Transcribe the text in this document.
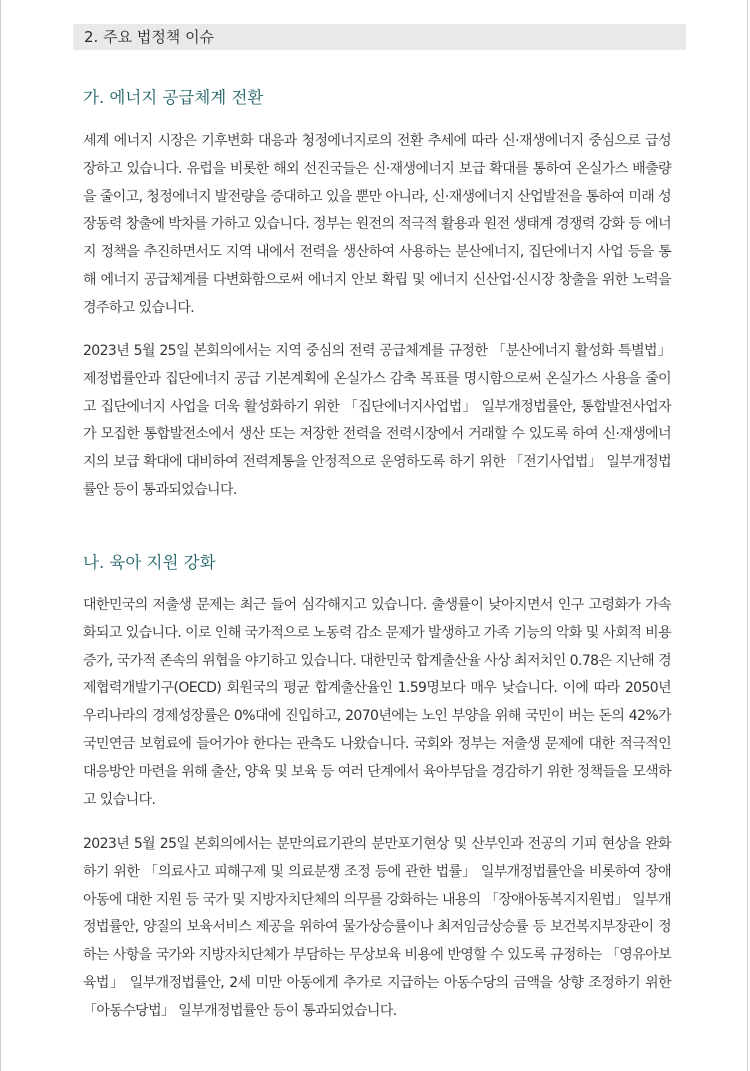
2. 주요 법정책 이슈
가. 에너지 공급체계 전환

세계 에너지 시장은 기후변화 대응과 청정에너지로의 전환 추세에 따라 신·재생에너지 중심으로 급성장하고 있습니다. 유럽을 비롯한 해외 선진국들은 신·재생에너지 보급 확대를 통하여 온실가스 배출량을 줄이고, 청정에너지 발전량을 증대하고 있을 뿐만 아니라, 신·재생에너지 산업발전을 통하여 미래 성장동력 창출에 박차를 가하고 있습니다. 정부는 원전의 적극적 활용과 원전 생태계 경쟁력 강화 등 에너지 정책을 추진하면서도 지역 내에서 전력을 생산하여 사용하는 분산에너지, 집단에너지 사업 등을 통해 에너지 공급체계를 다변화함으로써 에너지 안보 확립 및 에너지 신산업·신시장 창출을 위한 노력을 경주하고 있습니다.

2023년 5월 25일 본회의에서는 지역 중심의 전력 공급체계를 규정한 「분산에너지 활성화 특별법」 제정법률안과 집단에너지 공급 기본계획에 온실가스 감축 목표를 명시함으로써 온실가스 사용을 줄이고 집단에너지 사업을 더욱 활성화하기 위한 「집단에너지사업법」 일부개정법률안, 통합발전사업자가 모집한 통합발전소에서 생산 또는 저장한 전력을 전력시장에서 거래할 수 있도록 하여 신·재생에너지의 보급 확대에 대비하여 전력계통을 안정적으로 운영하도록 하기 위한 「전기사업법」 일부개정법률안 등이 통과되었습니다.

나. 육아 지원 강화

대한민국의 저출생 문제는 최근 들어 심각해지고 있습니다. 출생률이 낮아지면서 인구 고령화가 가속화되고 있습니다. 이로 인해 국가적으로 노동력 감소 문제가 발생하고 가족 기능의 악화 및 사회적 비용 증가, 국가적 존속의 위협을 야기하고 있습니다. 대한민국 합계출산율 사상 최저치인 0.78은 지난해 경제협력개발기구(OECD) 회원국의 평균 합계출산율인 1.59명보다 매우 낮습니다. 이에 따라 2050년 우리나라의 경제성장률은 0%대에 진입하고, 2070년에는 노인 부양을 위해 국민이 버는 돈의 42%가 국민연금 보험료에 들어가야 한다는 관측도 나왔습니다. 국회와 정부는 저출생 문제에 대한 적극적인 대응방안 마련을 위해 출산, 양육 및 보육 등 여러 단계에서 육아부담을 경감하기 위한 정책들을 모색하고 있습니다.

2023년 5월 25일 본회의에서는 분만의료기관의 분만포기현상 및 산부인과 전공의 기피 현상을 완화하기 위한 「의료사고 피해구제 및 의료분쟁 조정 등에 관한 법률」 일부개정법률안을 비롯하여 장애아동에 대한 지원 등 국가 및 지방자치단체의 의무를 강화하는 내용의 「장애아동복지지원법」 일부개정법률안, 양질의 보육서비스 제공을 위하여 물가상승률이나 최저임금상승률 등 보건복지부장관이 정하는 사항을 국가와 지방자치단체가 부담하는 무상보육 비용에 반영할 수 있도록 규정하는 「영유아보육법」 일부개정법률안, 2세 미만 아동에게 추가로 지급하는 아동수당의 금액을 상향 조정하기 위한 「아동수당법」 일부개정법률안 등이 통과되었습니다.
